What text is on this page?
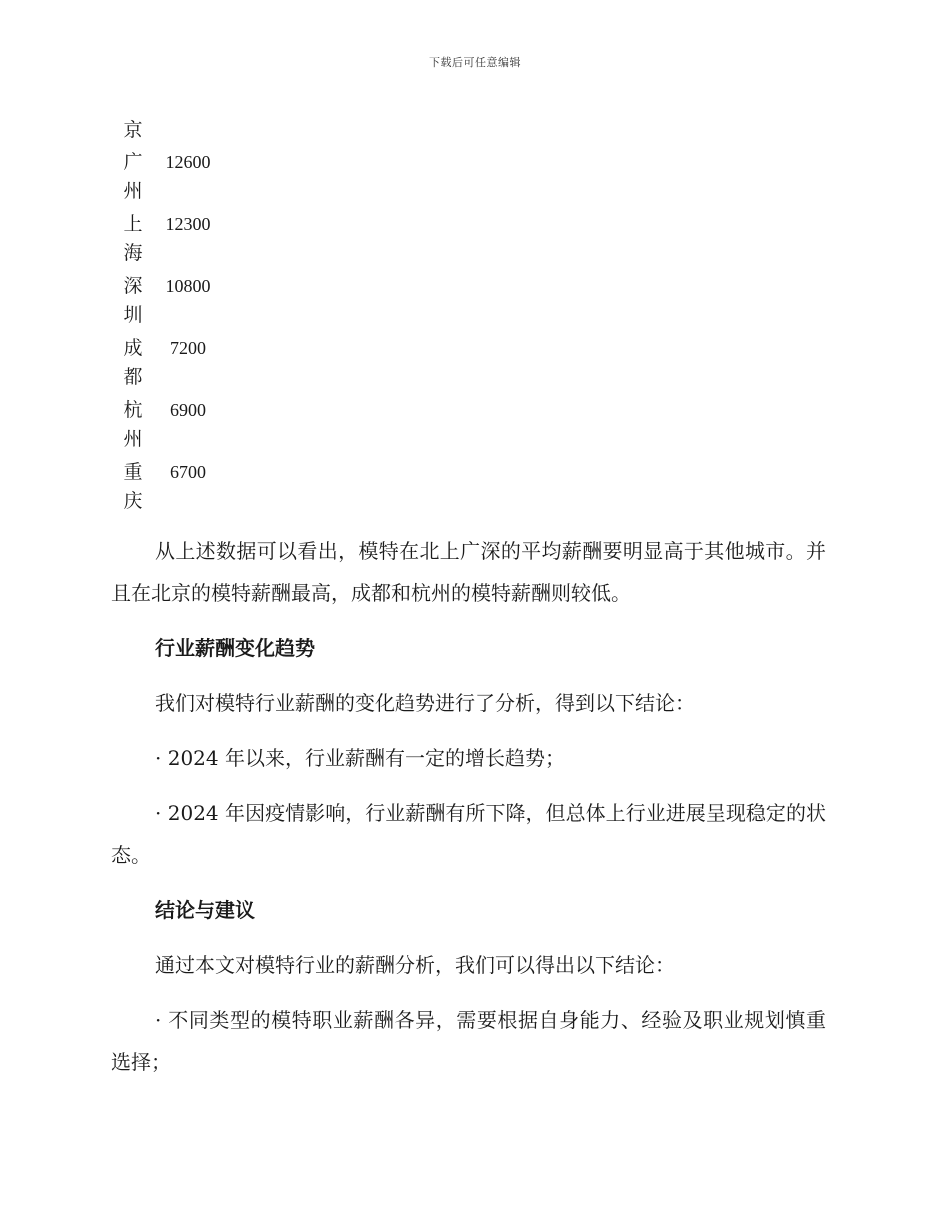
下载后可任意编辑
京
广
州
12600
上
海
12300
深
圳
10800
成
都
7200
杭
州
6900
重
庆
6700

从上述数据可以看出，模特在北上广深的平均薪酬要明显高于其他城市。并且在北京的模特薪酬最高，成都和杭州的模特薪酬则较低。

行业薪酬变化趋势

我们对模特行业薪酬的变化趋势进行了分析，得到以下结论：

· 2024 年以来，行业薪酬有一定的增长趋势；

· 2024 年因疫情影响，行业薪酬有所下降，但总体上行业进展呈现稳定的状态。

结论与建议

通过本文对模特行业的薪酬分析，我们可以得出以下结论：

· 不同类型的模特职业薪酬各异，需要根据自身能力、经验及职业规划慎重选择；
